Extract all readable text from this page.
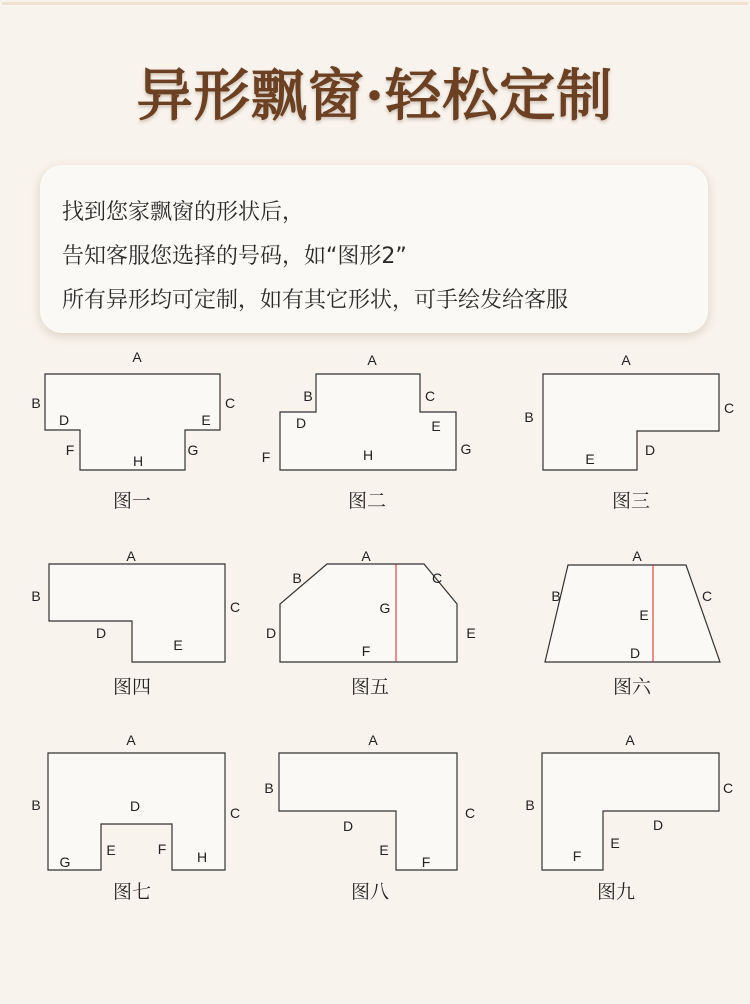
异形飘窗·轻松定制
找到您家飘窗的形状后，
告知客服您选择的号码，如“图形2”
所有异形均可定制，如有其它形状，可手绘发给客服
A
B	C
D	E
F	G
H
图一
A
B	C
D	E
F	G
H
图二
A
B
C
D
E
图三
A
B
C
D
E
图四
A
B	C
D	E
F
G
图五
A
B	C
D
E
图六
A
B	C
D
E	F
G	H
图七
A
B
C
D
E
F
图八
A
B
C
D
E
F
图九
